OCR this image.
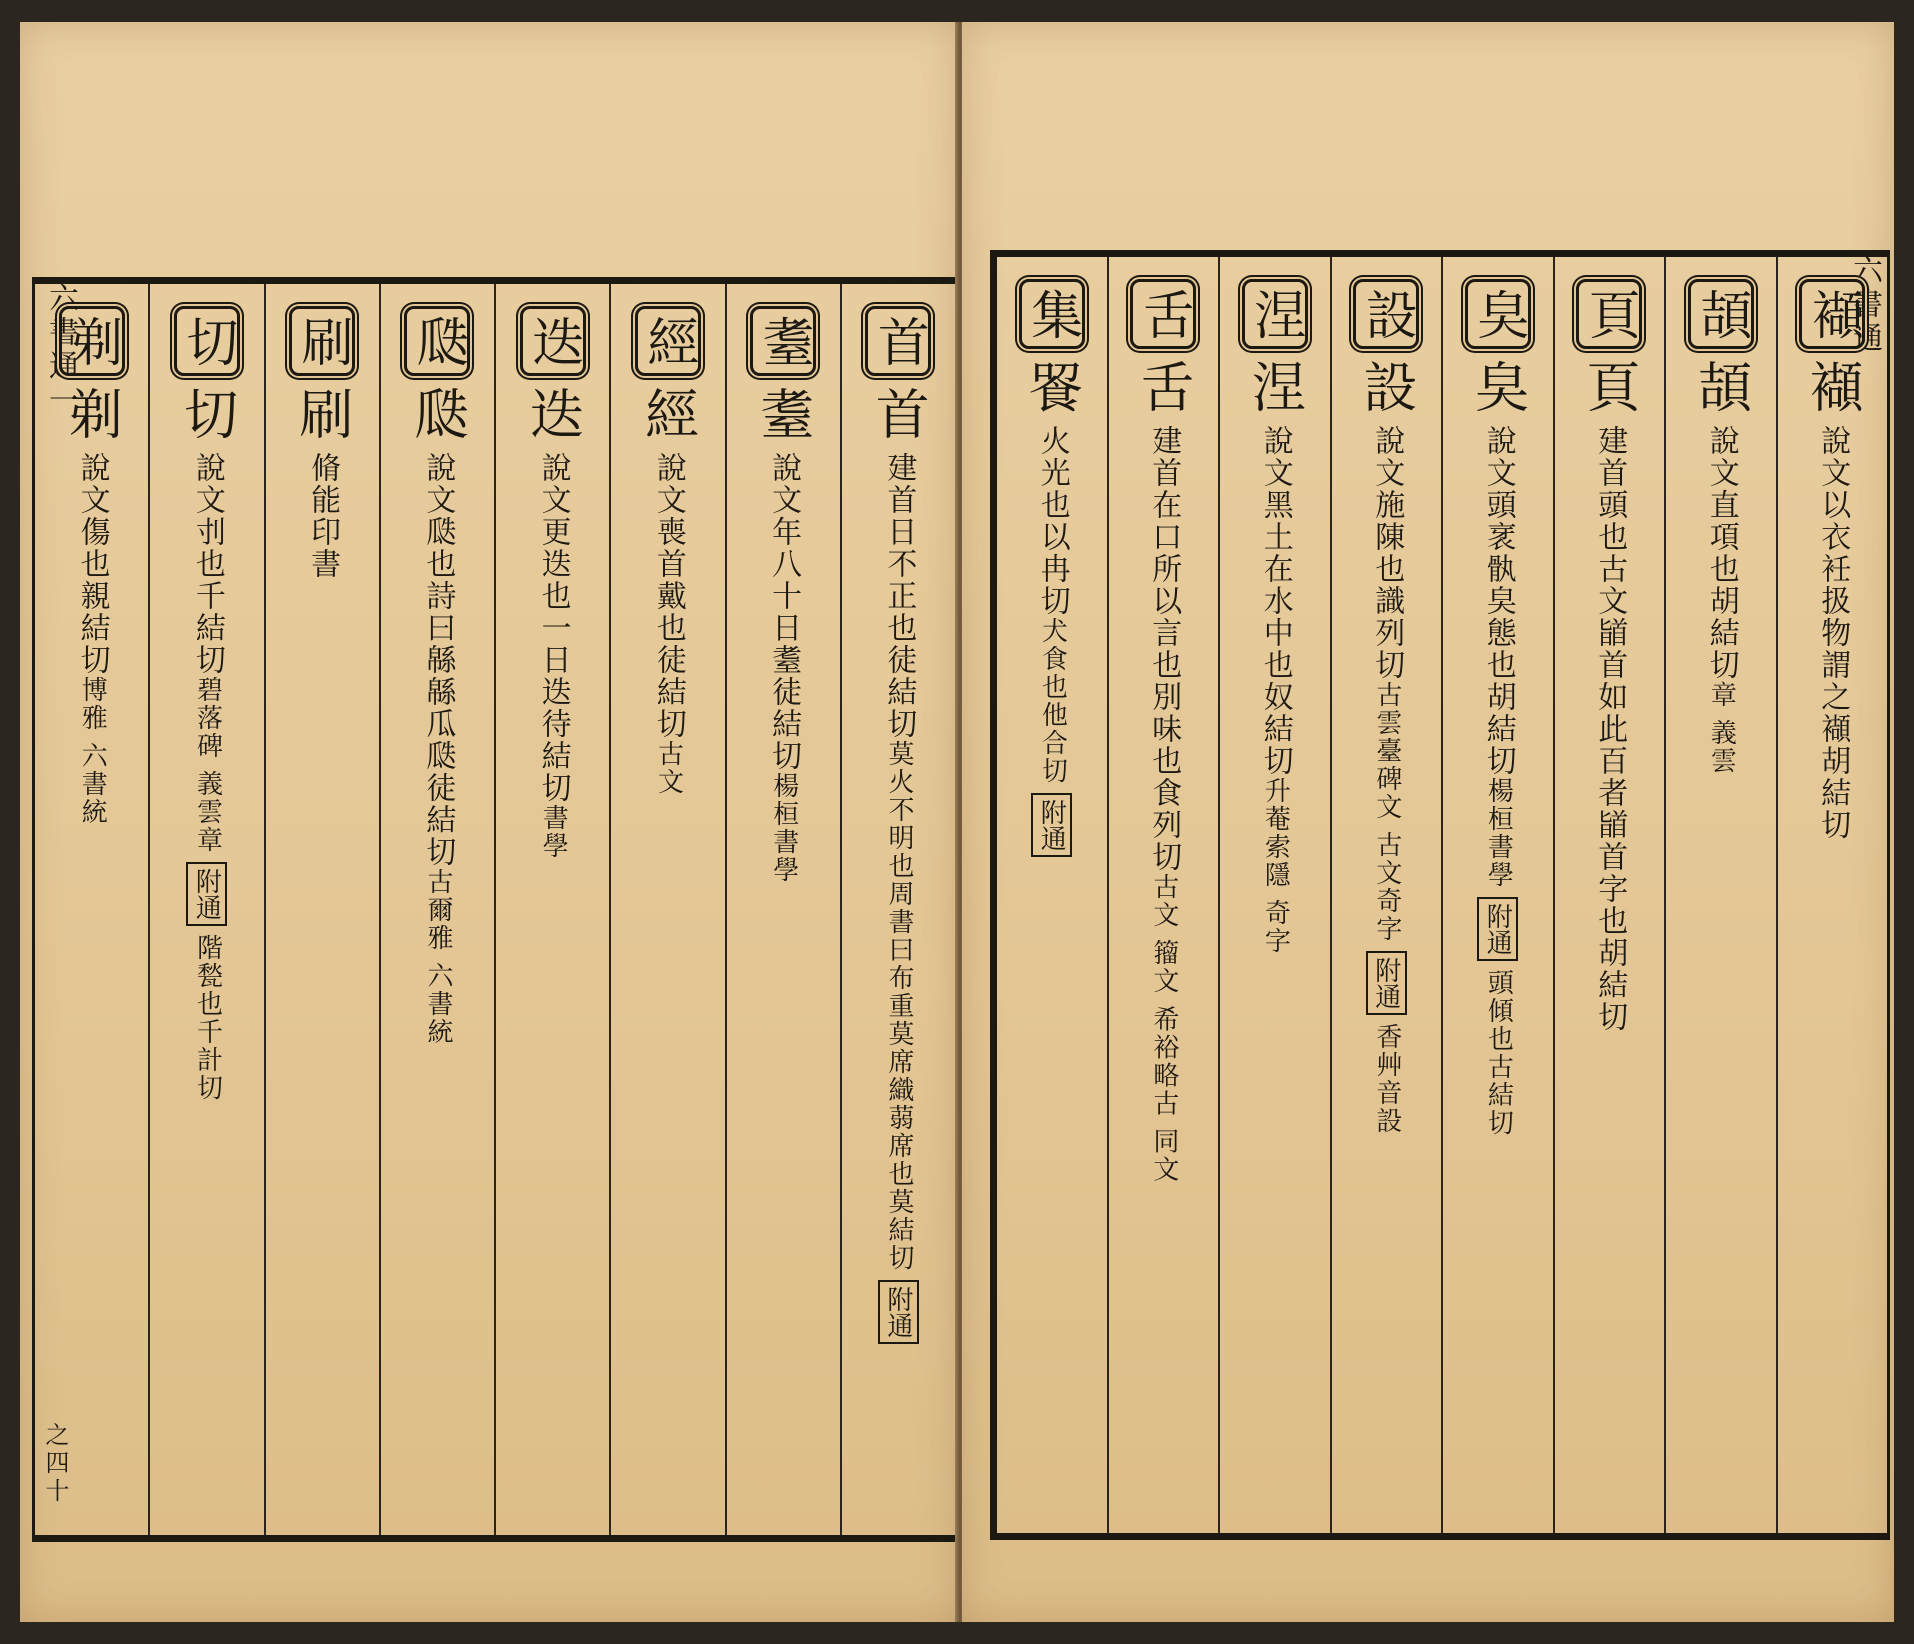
六書通一
之四十
首
首
建首日不正也徒結切
莫火不明也周書曰布重莫席織蒻席也莫結切
附通
耋
耋
說文年八十日耋徒結切
楊桓書學
經
經
說文喪首戴也徒結切
古文
迭
迭
說文更迭也一日迭待結切
書學
瓞
瓞
說文瓞也詩曰緜緜瓜瓞徒結切
古爾雅 六書統
刷
刷
脩能印書
切
切
說文刌也千結切
碧落碑 義雲章
附通
階甃也千計切
剃
剃
說文傷也親結切
博雅 六書統
六書通
襭
襭
說文以衣衽扱物謂之襭胡結切
頡
頡
說文直項也胡結切
章 義雲
頁
頁
建首頭也古文䭫首如此百者䭫首字也胡結切
㚖
㚖
說文頭衺骫㚖態也胡結切
楊桓書學
附通
頭傾也古結切
設
設
說文施陳也識列切
古雲臺碑文 古文奇字
附通
香艸音設
涅
涅
說文黑土在水中也奴結切
升菴索隱 奇字
舌
舌
建首在口所以言也別味也食列切
古文 籀文 希裕略古 同文
集
䬭
火光也以冉切
犬食也他合切
附通
